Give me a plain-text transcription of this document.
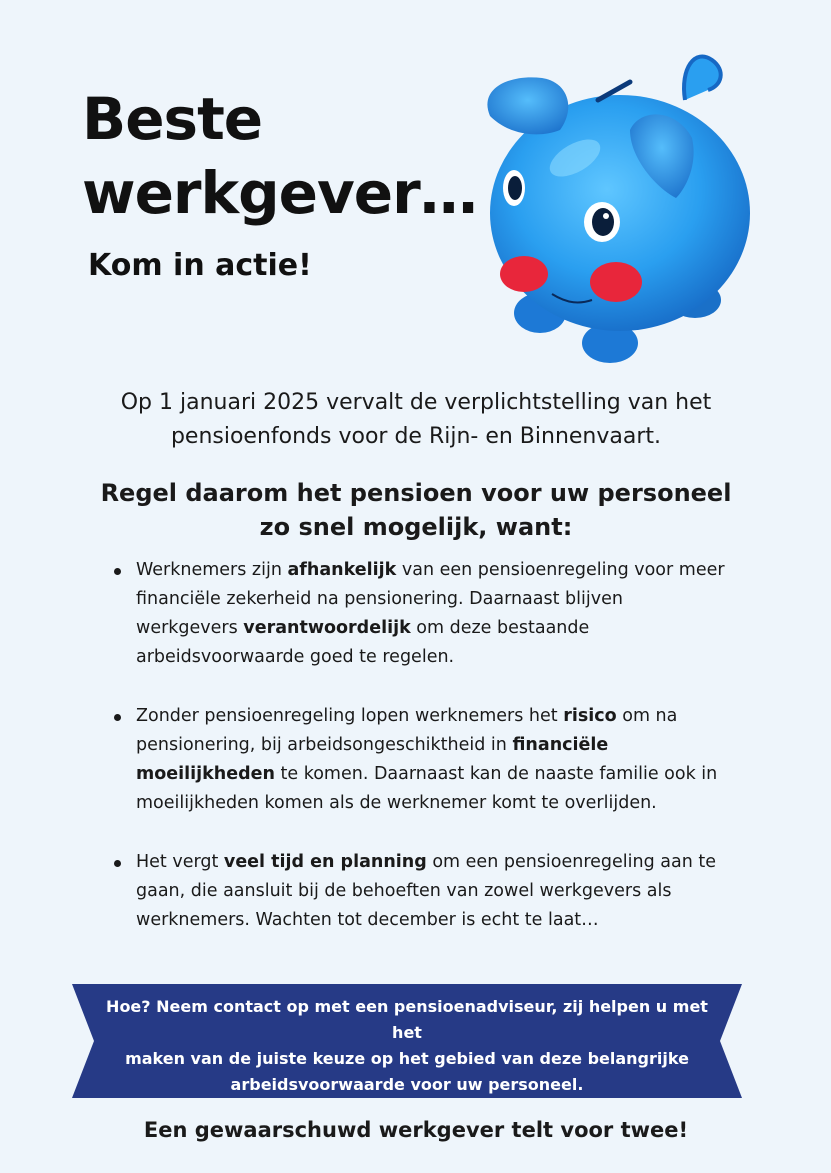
Beste
werkgever…

Kom in actie!

Op 1 januari 2025 vervalt de verplichtstelling van het
pensioenfonds voor de Rijn- en Binnenvaart.

Regel daarom het pensioen voor uw personeel
zo snel mogelijk, want:

Werknemers zijn afhankelijk van een pensioenregeling voor meer financiële zekerheid na pensionering. Daarnaast blijven werkgevers verantwoordelijk om deze bestaande arbeidsvoorwaarde goed te regelen.
Zonder pensioenregeling lopen werknemers het risico om na pensionering, bij arbeidsongeschiktheid in financiële moeilijkheden te komen. Daarnaast kan de naaste familie ook in moeilijkheden komen als de werknemer komt te overlijden.
Het vergt veel tijd en planning om een pensioenregeling aan te gaan, die aansluit bij de behoeften van zowel werkgevers als werknemers. Wachten tot december is echt te laat…

Hoe? Neem contact op met een pensioenadviseur, zij helpen u met het
maken van de juiste keuze op het gebied van deze belangrijke
arbeidsvoorwaarde voor uw personeel.

Een gewaarschuwd werkgever telt voor twee!
